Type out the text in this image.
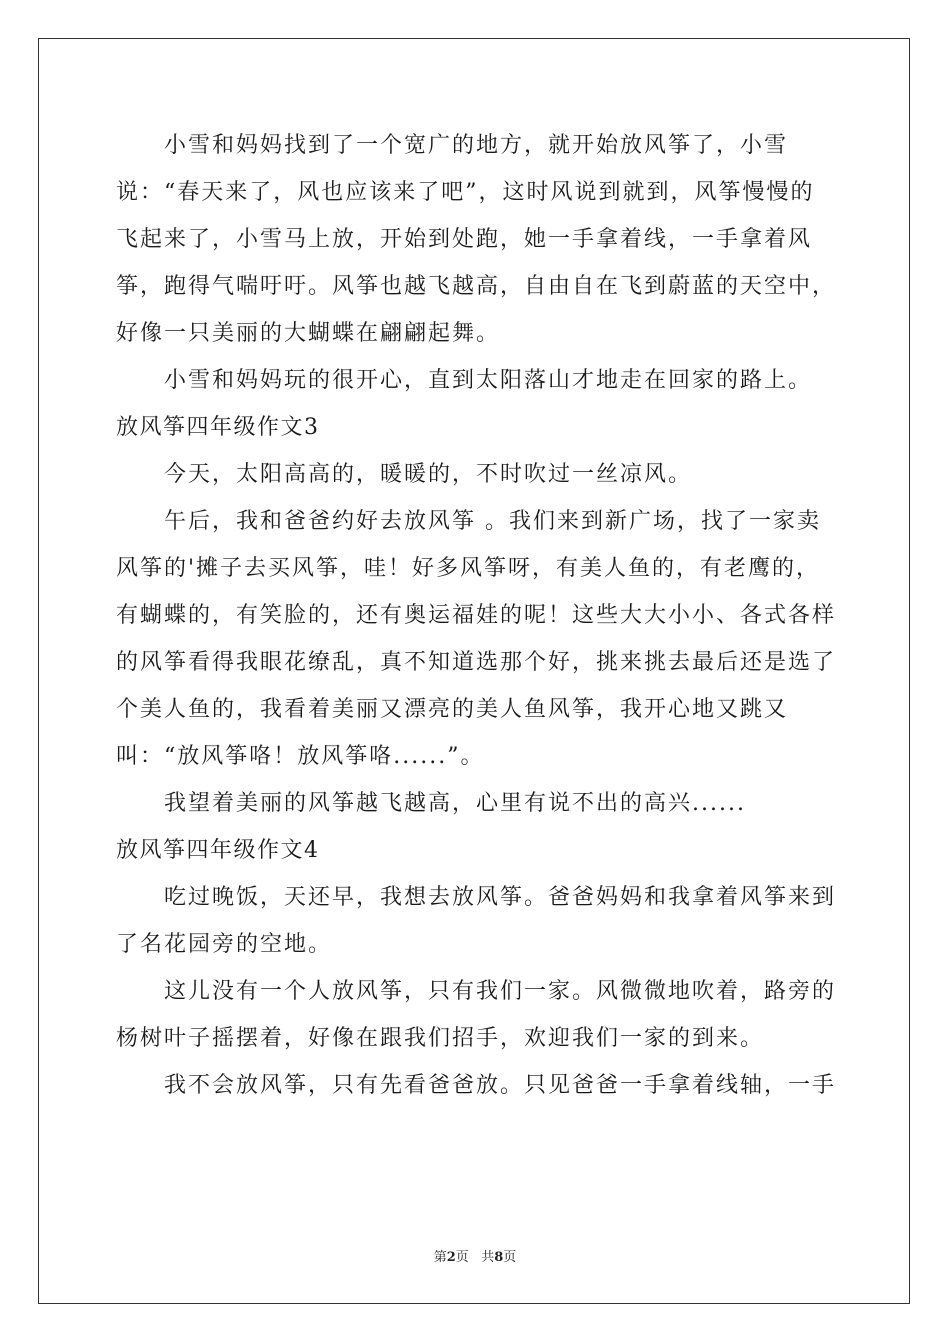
小雪和妈妈找到了一个宽广的地方，就开始放风筝了，小雪说：“春天来了，风也应该来了吧”，这时风说到就到，风筝慢慢的飞起来了，小雪马上放，开始到处跑，她一手拿着线，一手拿着风筝，跑得气喘吁吁。风筝也越飞越高，自由自在飞到蔚蓝的天空中，好像一只美丽的大蝴蝶在翩翩起舞。

小雪和妈妈玩的很开心，直到太阳落山才地走在回家的路上。

放风筝四年级作文3

今天，太阳高高的，暖暖的，不时吹过一丝凉风。

午后，我和爸爸约好去放风筝 。我们来到新广场，找了一家卖风筝的'摊子去买风筝，哇！好多风筝呀，有美人鱼的，有老鹰的，有蝴蝶的，有笑脸的，还有奥运福娃的呢！这些大大小小、各式各样的风筝看得我眼花缭乱，真不知道选那个好，挑来挑去最后还是选了个美人鱼的，我看着美丽又漂亮的美人鱼风筝，我开心地又跳又叫：“放风筝咯！放风筝咯......”。

我望着美丽的风筝越飞越高，心里有说不出的高兴......

放风筝四年级作文4

吃过晚饭，天还早，我想去放风筝。爸爸妈妈和我拿着风筝来到了名花园旁的空地。

这儿没有一个人放风筝，只有我们一家。风微微地吹着，路旁的杨树叶子摇摆着，好像在跟我们招手，欢迎我们一家的到来。

我不会放风筝，只有先看爸爸放。只见爸爸一手拿着线轴，一手

第2页 共8页
